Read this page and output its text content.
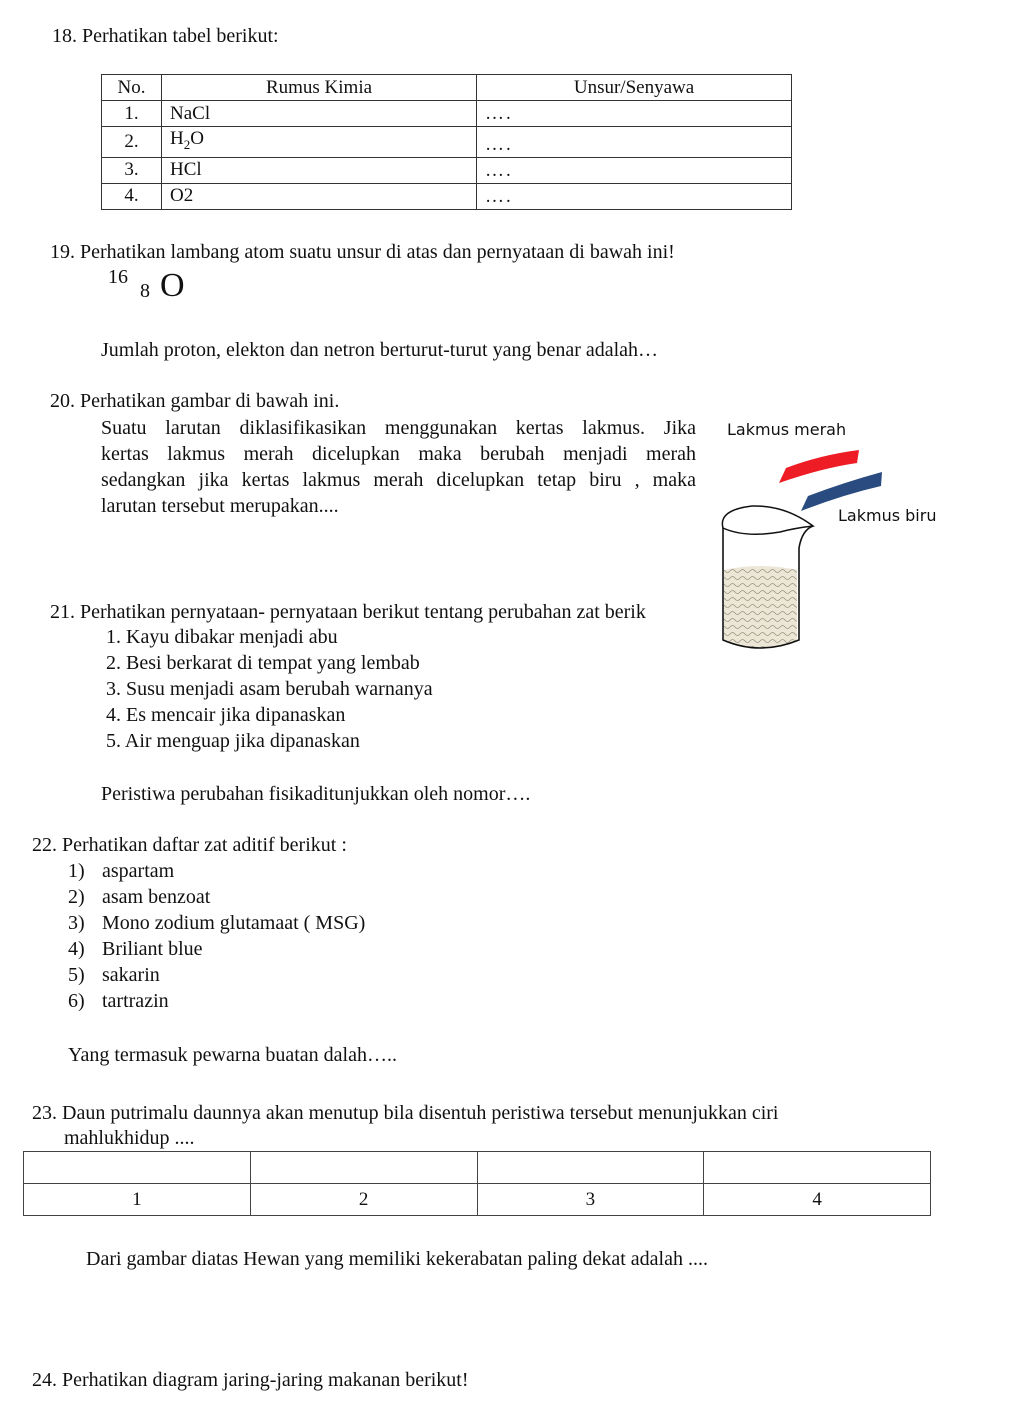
18. Perhatikan tabel berikut:
No.	Rumus Kimia	Unsur/Senyawa
1.	NaCl	….
2.	$H_2O$	….
3.	HCl	….
4.	O2	….
19. Perhatikan lambang atom suatu unsur di atas dan pernyataan di bawah ini!
16
8 O
Jumlah proton, elekton dan netron berturut-turut yang benar adalah…
20. Perhatikan gambar di bawah ini.
Suatu larutan diklasifikasikan menggunakan kertas lakmus. Jika
kertas lakmus merah dicelupkan maka berubah menjadi merah
sedangkan jika kertas lakmus merah dicelupkan tetap biru , maka
larutan tersebut merupakan....
Lakmus merah
Lakmus biru
21. Perhatikan pernyataan- pernyataan berikut tentang perubahan zat berik
1. Kayu dibakar menjadi abu
2. Besi berkarat di tempat yang lembab
3. Susu menjadi asam berubah warnanya
4. Es mencair jika dipanaskan
5. Air menguap jika dipanaskan
Peristiwa perubahan fisikaditunjukkan oleh nomor….
22. Perhatikan daftar zat aditif berikut :
1) aspartam
2) asam benzoat
3) Mono zodium glutamaat ( MSG)
4) Briliant blue
5) sakarin
6) tartrazin
Yang termasuk pewarna buatan dalah…..
23. Daun putrimalu daunnya akan menutup bila disentuh peristiwa tersebut menunjukkan ciri
mahlukhidup ....

1	2	3	4
Dari gambar diatas Hewan yang memiliki kekerabatan paling dekat adalah ....
24. Perhatikan diagram jaring-jaring makanan berikut!
